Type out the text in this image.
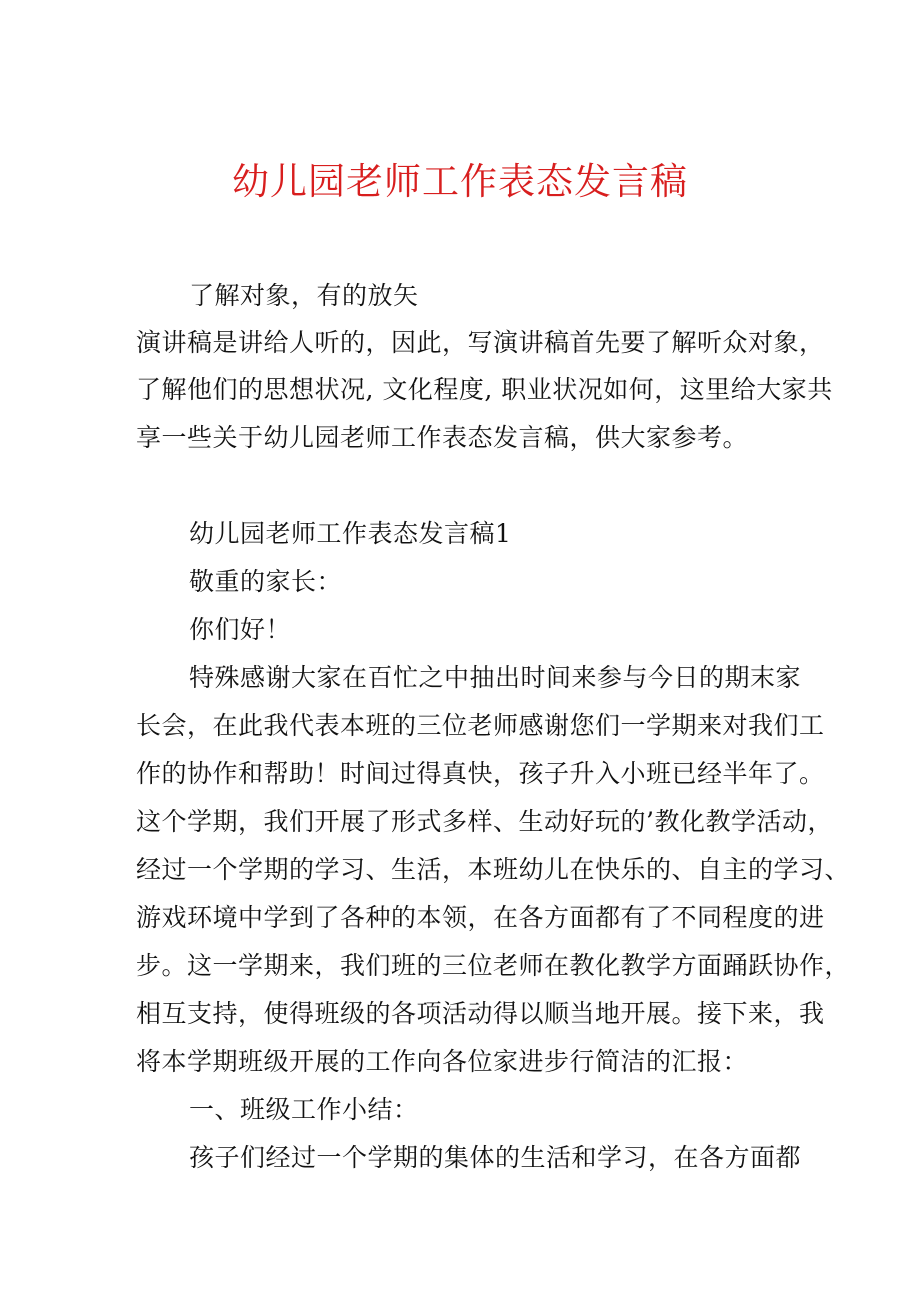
幼儿园老师工作表态发言稿
了解对象，有的放矢
演讲稿是讲给人听的，因此，写演讲稿首先要了解听众对象，
了解他们的思想状况, 文化程度, 职业状况如何，这里给大家共
享一些关于幼儿园老师工作表态发言稿，供大家参考。
幼儿园老师工作表态发言稿1
敬重的家长：
你们好！
特殊感谢大家在百忙之中抽出时间来参与今日的期末家
长会，在此我代表本班的三位老师感谢您们一学期来对我们工
作的协作和帮助！时间过得真快，孩子升入小班已经半年了。
这个学期，我们开展了形式多样、生动好玩的’教化教学活动，
经过一个学期的学习、生活，本班幼儿在快乐的、自主的学习、
游戏环境中学到了各种的本领，在各方面都有了不同程度的进
步。这一学期来，我们班的三位老师在教化教学方面踊跃协作，
相互支持，使得班级的各项活动得以顺当地开展。接下来，我
将本学期班级开展的工作向各位家进步行简洁的汇报：
一、班级工作小结：
孩子们经过一个学期的集体的生活和学习，在各方面都
